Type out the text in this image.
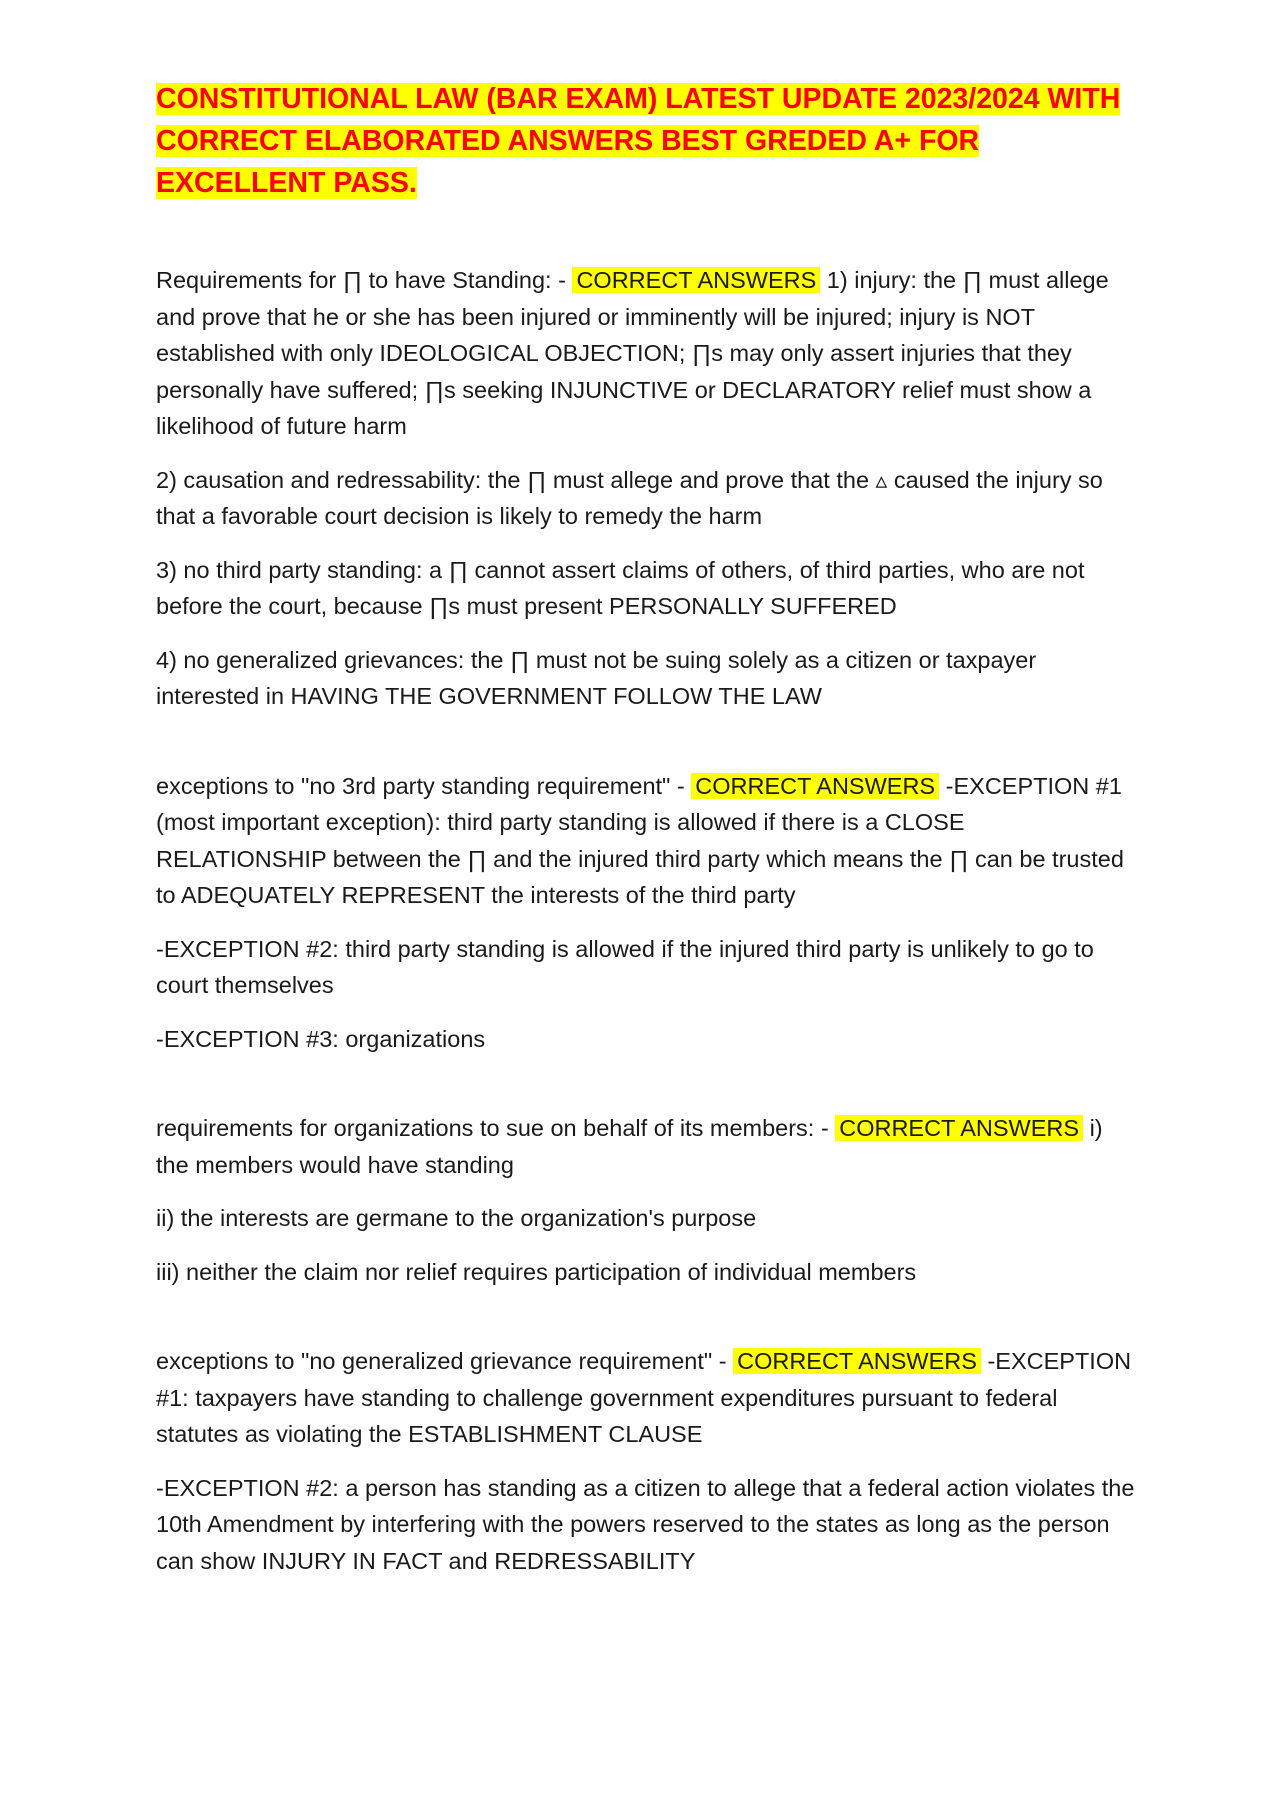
CONSTITUTIONAL LAW (BAR EXAM) LATEST UPDATE 2023/2024 WITH CORRECT ELABORATED ANSWERS BEST GREDED A+ FOR EXCELLENT PASS.

Requirements for ∏ to have Standing: - CORRECT ANSWERS 1) injury: the ∏ must allege and prove that he or she has been injured or imminently will be injured; injury is NOT established with only IDEOLOGICAL OBJECTION; ∏s may only assert injuries that they personally have suffered; ∏s seeking INJUNCTIVE or DECLARATORY relief must show a likelihood of future harm

2) causation and redressability: the ∏ must allege and prove that the ▵ caused the injury so that a favorable court decision is likely to remedy the harm

3) no third party standing: a ∏ cannot assert claims of others, of third parties, who are not before the court, because ∏s must present PERSONALLY SUFFERED

4) no generalized grievances: the ∏ must not be suing solely as a citizen or taxpayer interested in HAVING THE GOVERNMENT FOLLOW THE LAW

exceptions to "no 3rd party standing requirement" - CORRECT ANSWERS -EXCEPTION #1 (most important exception): third party standing is allowed if there is a CLOSE RELATIONSHIP between the ∏ and the injured third party which means the ∏ can be trusted to ADEQUATELY REPRESENT the interests of the third party

-EXCEPTION #2: third party standing is allowed if the injured third party is unlikely to go to court themselves

-EXCEPTION #3: organizations

requirements for organizations to sue on behalf of its members: - CORRECT ANSWERS i) the members would have standing

ii) the interests are germane to the organization's purpose

iii) neither the claim nor relief requires participation of individual members

exceptions to "no generalized grievance requirement" - CORRECT ANSWERS -EXCEPTION #1: taxpayers have standing to challenge government expenditures pursuant to federal statutes as violating the ESTABLISHMENT CLAUSE

-EXCEPTION #2: a person has standing as a citizen to allege that a federal action violates the 10th Amendment by interfering with the powers reserved to the states as long as the person can show INJURY IN FACT and REDRESSABILITY
